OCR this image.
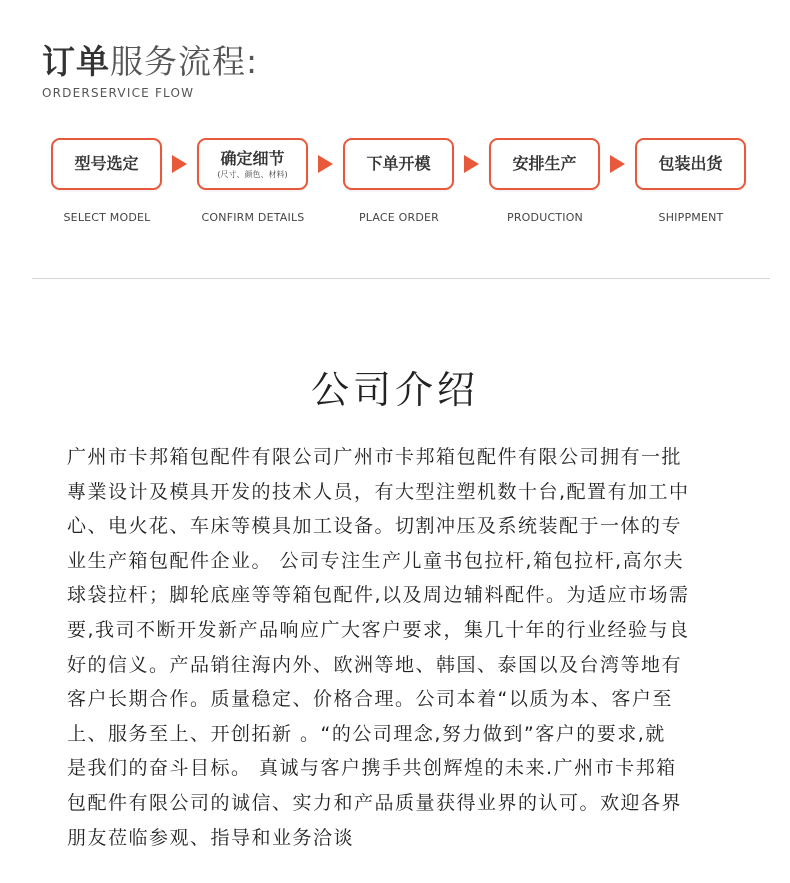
订单服务流程:
ORDERSERVICE FLOW
型号选定
SELECT MODEL
确定细节
(尺寸、颜色、材料)
CONFIRM DETAILS
下单开模
PLACE ORDER
安排生产
PRODUCTION
包装出货
SHIPPMENT
公司介绍
广州市卡邦箱包配件有限公司广州市卡邦箱包配件有限公司拥有一批
專業设计及模具开发的技术人员，有大型注塑机数十台,配置有加工中
心、电火花、车床等模具加工设备。切割冲压及系统装配于一体的专
业生产箱包配件企业。 公司专注生产儿童书包拉杆,箱包拉杆,高尔夫
球袋拉杆；脚轮底座等等箱包配件,以及周边辅料配件。为适应市场需
要,我司不断开发新产品响应广大客户要求，集几十年的行业经验与良
好的信义。产品销往海内外、欧洲等地、韩国、泰国以及台湾等地有
客户长期合作。质量稳定、价格合理。公司本着“以质为本、客户至
上、服务至上、开创拓新 。“的公司理念,努力做到”客户的要求,就
是我们的奋斗目标。 真诚与客户携手共创辉煌的未来.广州市卡邦箱
包配件有限公司的诚信、实力和产品质量获得业界的认可。欢迎各界
朋友莅临参观、指导和业务洽谈
